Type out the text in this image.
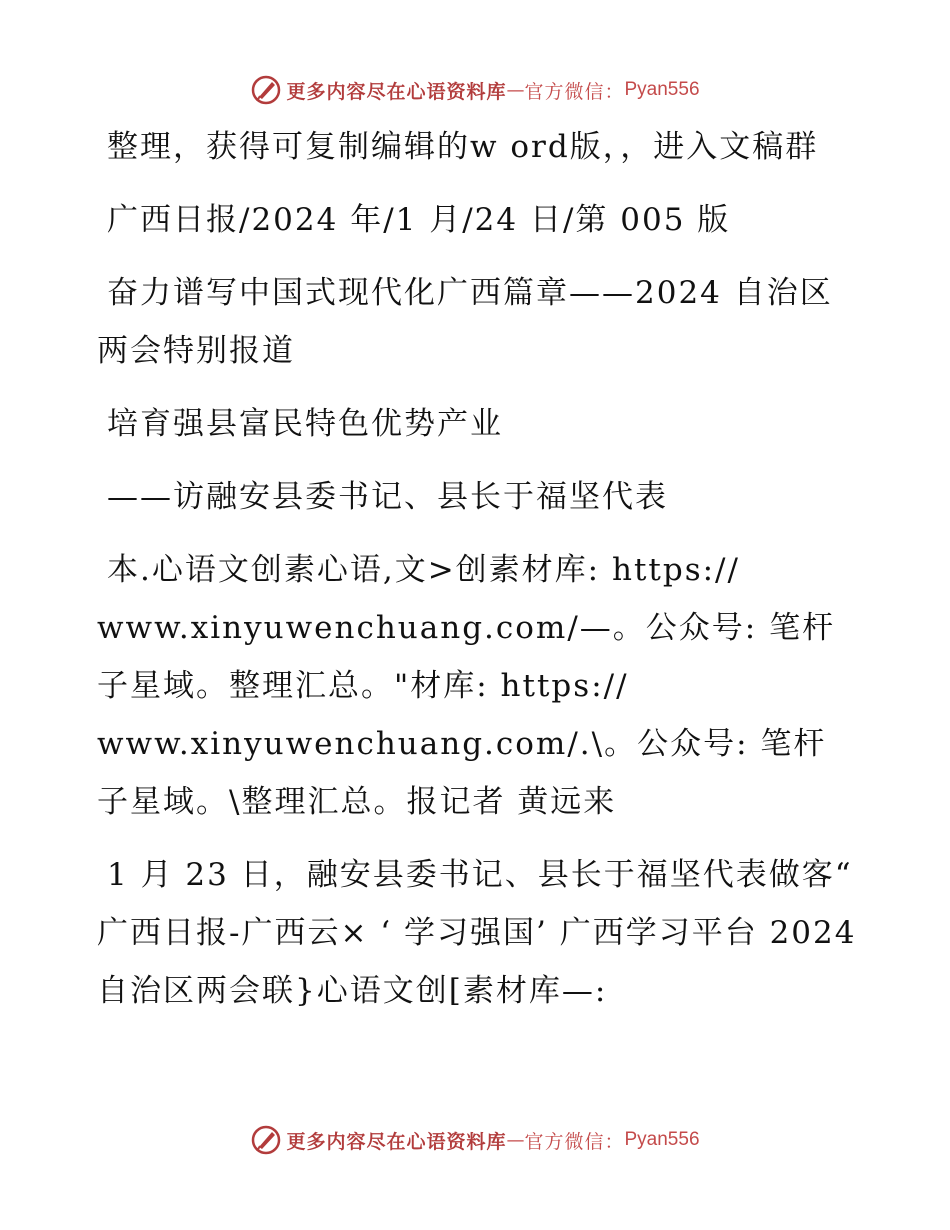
更多内容尽在心语资料库 — 官方微信： Pyan556

整理，获得可复制编辑的w ord版，，进入文稿群

广西日报/2024 年/1 月/24 日/第 005 版

奋力谱写中国式现代化广西篇章——2024 自治区两会特别报道

培育强县富民特色优势产业

——访融安县委书记、县长于福坚代表

本.心语文创素心语,文>创素材库: https:// www.xinyuwenchuang.com/—。公众号: 笔杆子星域。整理汇总。"材库: https:// www.xinyuwenchuang.com/.\。公众号: 笔杆子星域。\整理汇总。报记者 黄远来

1 月 23 日，融安县委书记、县长于福坚代表做客“ 广西日报-广西云× ‘ 学习强国’ 广西学习平台 2024 自治区两会联}心语文创[素材库—:

更多内容尽在心语资料库 — 官方微信： Pyan556
